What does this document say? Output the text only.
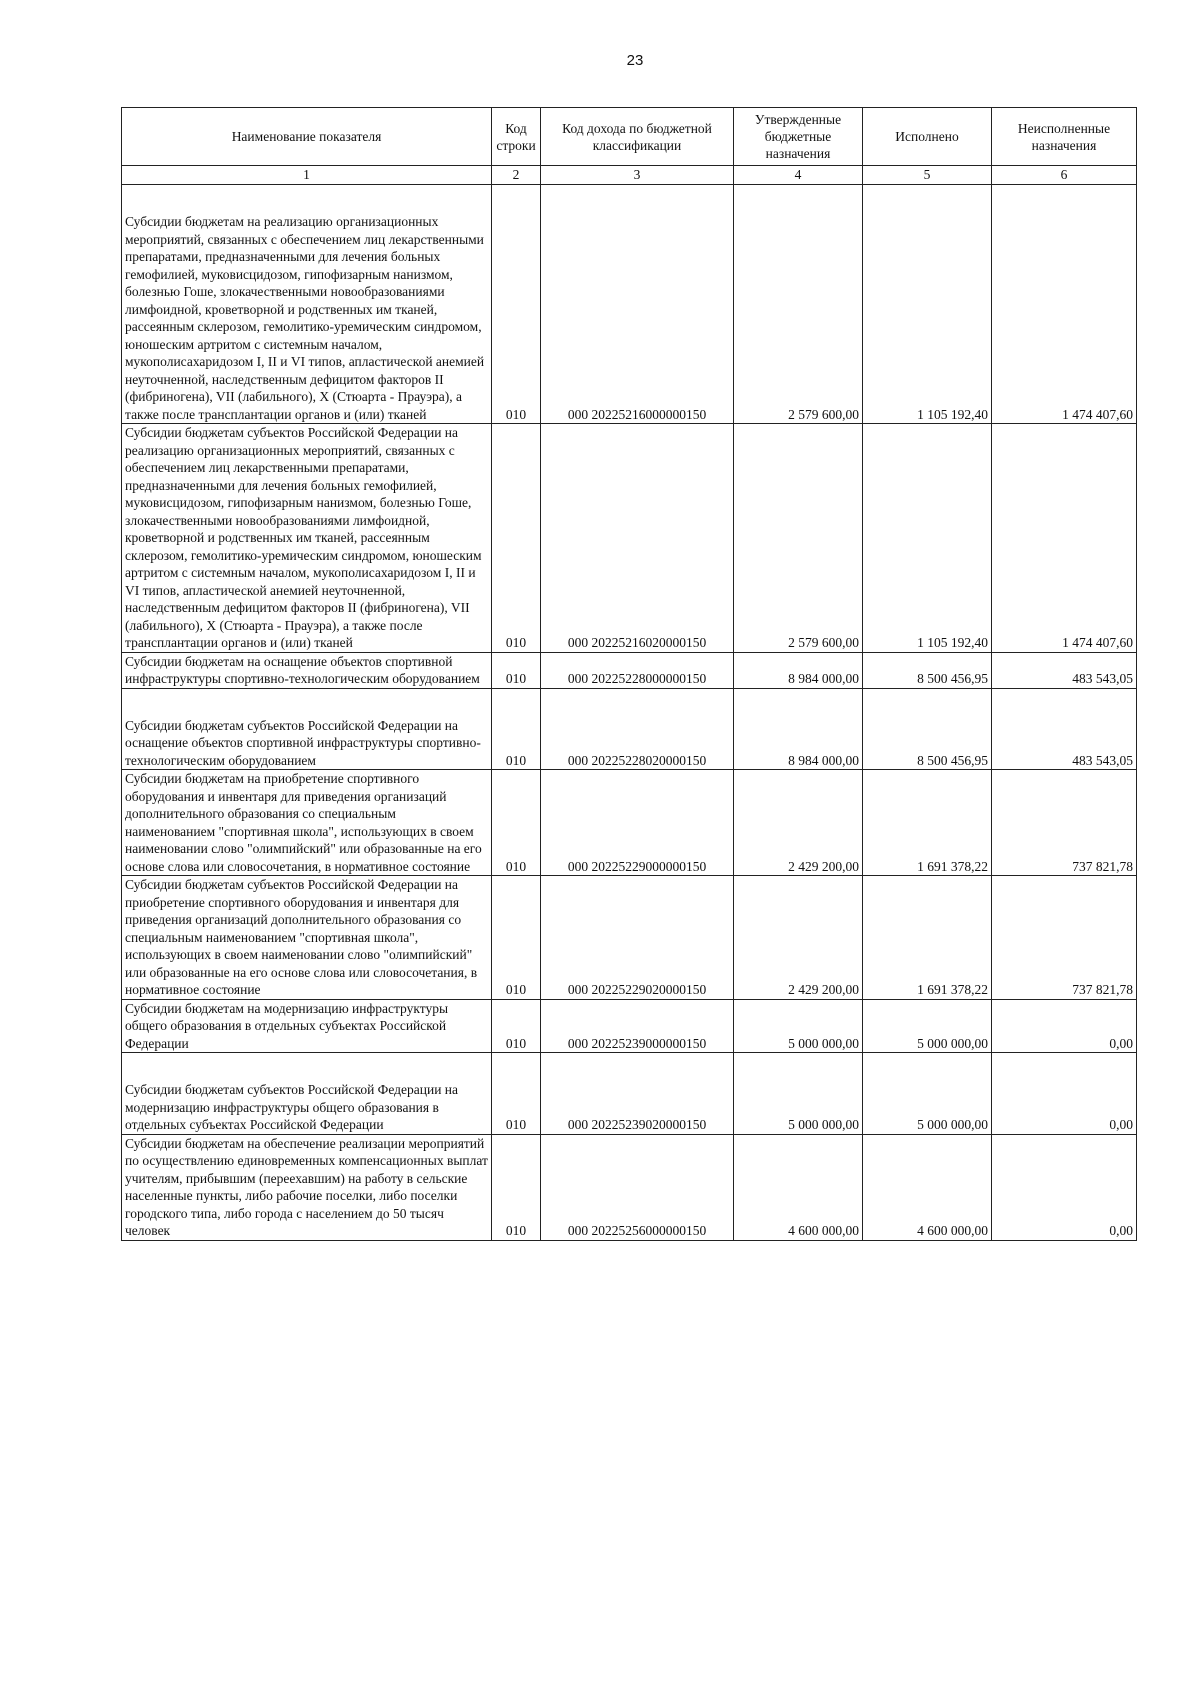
23
Наименование показателя	Код строки	Код дохода по бюджетной классификации	Утвержденные бюджетные назначения	Исполнено	Неисполненные назначения
1	2	3	4	5	6

Субсидии бюджетам на реализацию организационных мероприятий, связанных с обеспечением лиц лекарственными препаратами, предназначенными для лечения больных гемофилией, муковисцидозом, гипофизарным нанизмом, болезнью Гоше, злокачественными новообразованиями лимфоидной, кроветворной и родственных им тканей, рассеянным склерозом, гемолитико-уремическим синдромом, юношеским артритом с системным началом, мукополисахаридозом I, II и VI типов, апластической анемией неуточненной, наследственным дефицитом факторов II (фибриногена), VII (лабильного), X (Стюарта - Прауэра), а также после трансплантации органов и (или) тканей	010	000 20225216000000150	2 579 600,00	1 105 192,40	1 474 407,60

Субсидии бюджетам субъектов Российской Федерации на реализацию организационных мероприятий, связанных с обеспечением лиц лекарственными препаратами, предназначенными для лечения больных гемофилией, муковисцидозом, гипофизарным нанизмом, болезнью Гоше, злокачественными новообразованиями лимфоидной, кроветворной и родственных им тканей, рассеянным склерозом, гемолитико-уремическим синдромом, юношеским артритом с системным началом, мукополисахаридозом I, II и VI типов, апластической анемией неуточненной, наследственным дефицитом факторов II (фибриногена), VII (лабильного), X (Стюарта - Прауэра), а также после трансплантации органов и (или) тканей	010	000 20225216020000150	2 579 600,00	1 105 192,40	1 474 407,60

Субсидии бюджетам на оснащение объектов спортивной инфраструктуры спортивно-технологическим оборудованием	010	000 20225228000000150	8 984 000,00	8 500 456,95	483 543,05

Субсидии бюджетам субъектов Российской Федерации на оснащение объектов спортивной инфраструктуры спортивно-технологическим оборудованием	010	000 20225228020000150	8 984 000,00	8 500 456,95	483 543,05

Субсидии бюджетам на приобретение спортивного оборудования и инвентаря для приведения организаций дополнительного образования со специальным наименованием "спортивная школа", использующих в своем наименовании слово "олимпийский" или образованные на его основе слова или словосочетания, в нормативное состояние	010	000 20225229000000150	2 429 200,00	1 691 378,22	737 821,78

Субсидии бюджетам субъектов Российской Федерации на приобретение спортивного оборудования и инвентаря для приведения организаций дополнительного образования со специальным наименованием "спортивная школа", использующих в своем наименовании слово "олимпийский" или образованные на его основе слова или словосочетания, в нормативное состояние	010	000 20225229020000150	2 429 200,00	1 691 378,22	737 821,78

Субсидии бюджетам на модернизацию инфраструктуры общего образования в отдельных субъектах Российской Федерации	010	000 20225239000000150	5 000 000,00	5 000 000,00	0,00

Субсидии бюджетам субъектов Российской Федерации на модернизацию инфраструктуры общего образования в отдельных субъектах Российской Федерации	010	000 20225239020000150	5 000 000,00	5 000 000,00	0,00

Субсидии бюджетам на обеспечение реализации мероприятий по осуществлению единовременных компенсационных выплат учителям, прибывшим (переехавшим) на работу в сельские населенные пункты, либо рабочие поселки, либо поселки городского типа, либо города с населением до 50 тысяч человек	010	000 20225256000000150	4 600 000,00	4 600 000,00	0,00
